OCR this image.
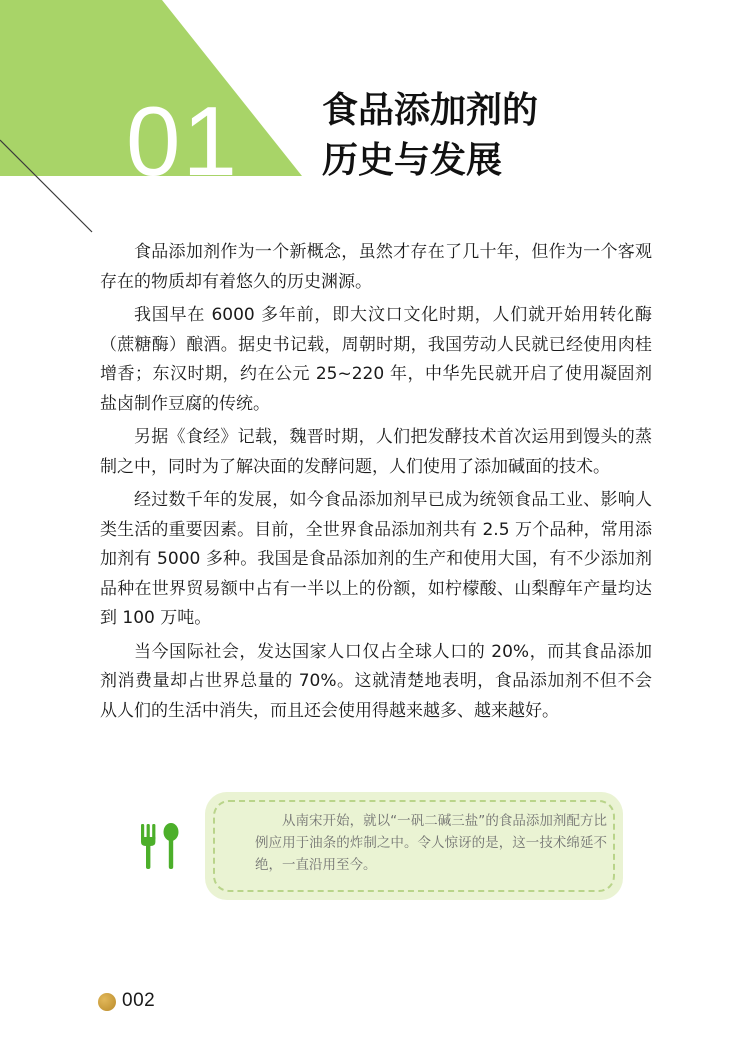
01 食品添加剂的
历史与发展

食品添加剂作为一个新概念，虽然才存在了几十年，但作为一个客观存在的物质却有着悠久的历史渊源。

我国早在 6000 多年前，即大汶口文化时期，人们就开始用转化酶（蔗糖酶）酿酒。据史书记载，周朝时期，我国劳动人民就已经使用肉桂增香；东汉时期，约在公元 25~220 年，中华先民就开启了使用凝固剂盐卤制作豆腐的传统。

另据《食经》记载，魏晋时期，人们把发酵技术首次运用到馒头的蒸制之中，同时为了解决面的发酵问题，人们使用了添加碱面的技术。

经过数千年的发展，如今食品添加剂早已成为统领食品工业、影响人类生活的重要因素。目前，全世界食品添加剂共有 2.5 万个品种，常用添加剂有 5000 多种。我国是食品添加剂的生产和使用大国，有不少添加剂品种在世界贸易额中占有一半以上的份额，如柠檬酸、山梨醇年产量均达到 100 万吨。

当今国际社会，发达国家人口仅占全球人口的 20%，而其食品添加剂消费量却占世界总量的 70%。这就清楚地表明，食品添加剂不但不会从人们的生活中消失，而且还会使用得越来越多、越来越好。

从南宋开始，就以“一矾二碱三盐”的食品添加剂配方比例应用于油条的炸制之中。令人惊讶的是，这一技术绵延不绝，一直沿用至今。

002
